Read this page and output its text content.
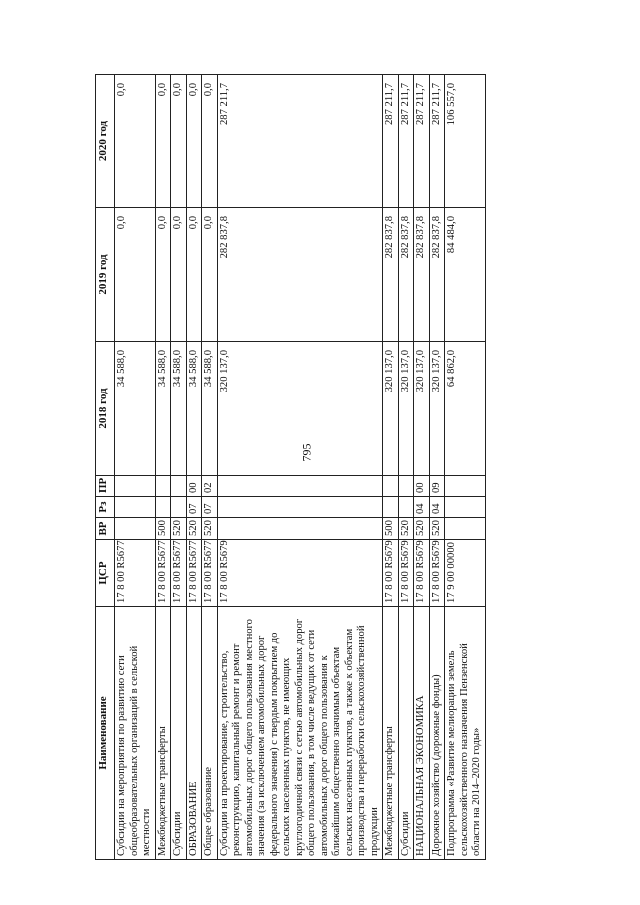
795
Наименование	ЦСР	ВР	Рз	ПР	2018 год	2019 год	2020 год
Субсидии на мероприятия по развитию сети общеобразовательных организаций в сельской местности	17 8 00 R5677				34 588,0	0,0	0,0
Межбюджетные трансферты	17 8 00 R5677	500			34 588,0	0,0	0,0
Субсидии	17 8 00 R5677	520			34 588,0	0,0	0,0
ОБРАЗОВАНИЕ	17 8 00 R5677	520	07	00	34 588,0	0,0	0,0
Общее образование	17 8 00 R5677	520	07	02	34 588,0	0,0	0,0
Субсидии на проектирование, строительство, реконструкцию, капитальный ремонт и ремонт автомобильных дорог общего пользования местного значения (за исключением автомобильных дорог федерального значения) с твердым покрытием до сельских населенных пунктов, не имеющих круглогодичной связи с сетью автомобильных дорог общего пользования, в том числе ведущих от сети автомобильных дорог общего пользования к ближайшим общественно значимым объектам сельских населенных пунктов, а также к объектам производства и переработки сельскохозяйственной продукции	17 8 00 R5679				320 137,0	282 837,8	287 211,7
Межбюджетные трансферты	17 8 00 R5679	500			320 137,0	282 837,8	287 211,7
Субсидии	17 8 00 R5679	520			320 137,0	282 837,8	287 211,7
НАЦИОНАЛЬНАЯ ЭКОНОМИКА	17 8 00 R5679	520	04	00	320 137,0	282 837,8	287 211,7
Дорожное хозяйство (дорожные фонды)	17 8 00 R5679	520	04	09	320 137,0	282 837,8	287 211,7
Подпрограмма «Развитие мелиорации земель сельскохозяйственного назначения Пензенской области на 2014–2020 годы»	17 9 00 00000				64 862,0	84 484,0	106 557,0
